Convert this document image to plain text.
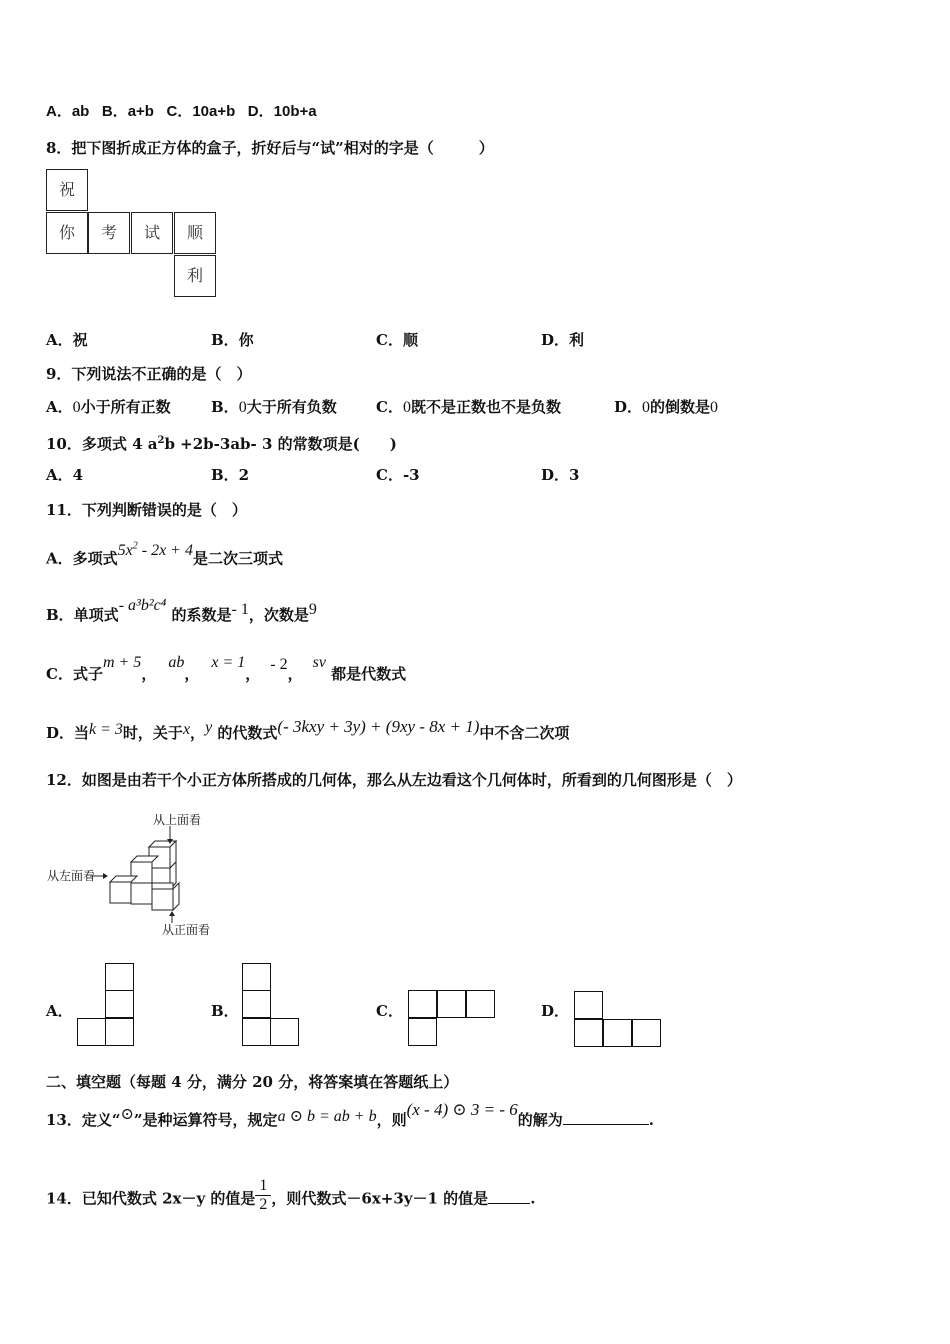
A．ab B．a+b C．10a+b D．10b+a
8．把下图折成正方体的盒子，折好后与“试”相对的字是（　　　）
祝
你	考	试	顺
利
A．祝	B．你	C．顺	D．利
9．下列说法不正确的是（　）
A．0小于所有正数	B．0大于所有负数	C．0既不是正数也不是负数	D．0的倒数是0
10．多项式 4 $a^2b +2b-3ab-$ 3 的常数项是(　　)
A．4	B．2	C．-3	D．3
11．下列判断错误的是（　）
A．多项式$5x^2 - 2x + 4$是二次三项式
B．单项式- a³b²c⁴ 的系数是- 1，次数是9
C．式子m + 5，ab，x = 1，- 2，sv 都是代数式
D．当k = 3时，关于x，y 的代数式(- 3kxy + 3y) + (9xy - 8x + 1)中不含二次项
12．如图是由若干个小正方体所搭成的几何体，那么从左边看这个几何体时，所看到的几何图形是（　）
从上面看
从左面看
从正面看
A．	B．	C．	D．
二、填空题（每题 4 分，满分 20 分，将答案填在答题纸上）
13．定义“⊙”是种运算符号，规定a ⊙ b = ab + b，则(x - 4) ⊙ 3 = - 6的解为	.
14．已知代数式 2x－y 的值是 $\frac{1}{2}$ ，则代数式－6x+3y－1 的值是	.
